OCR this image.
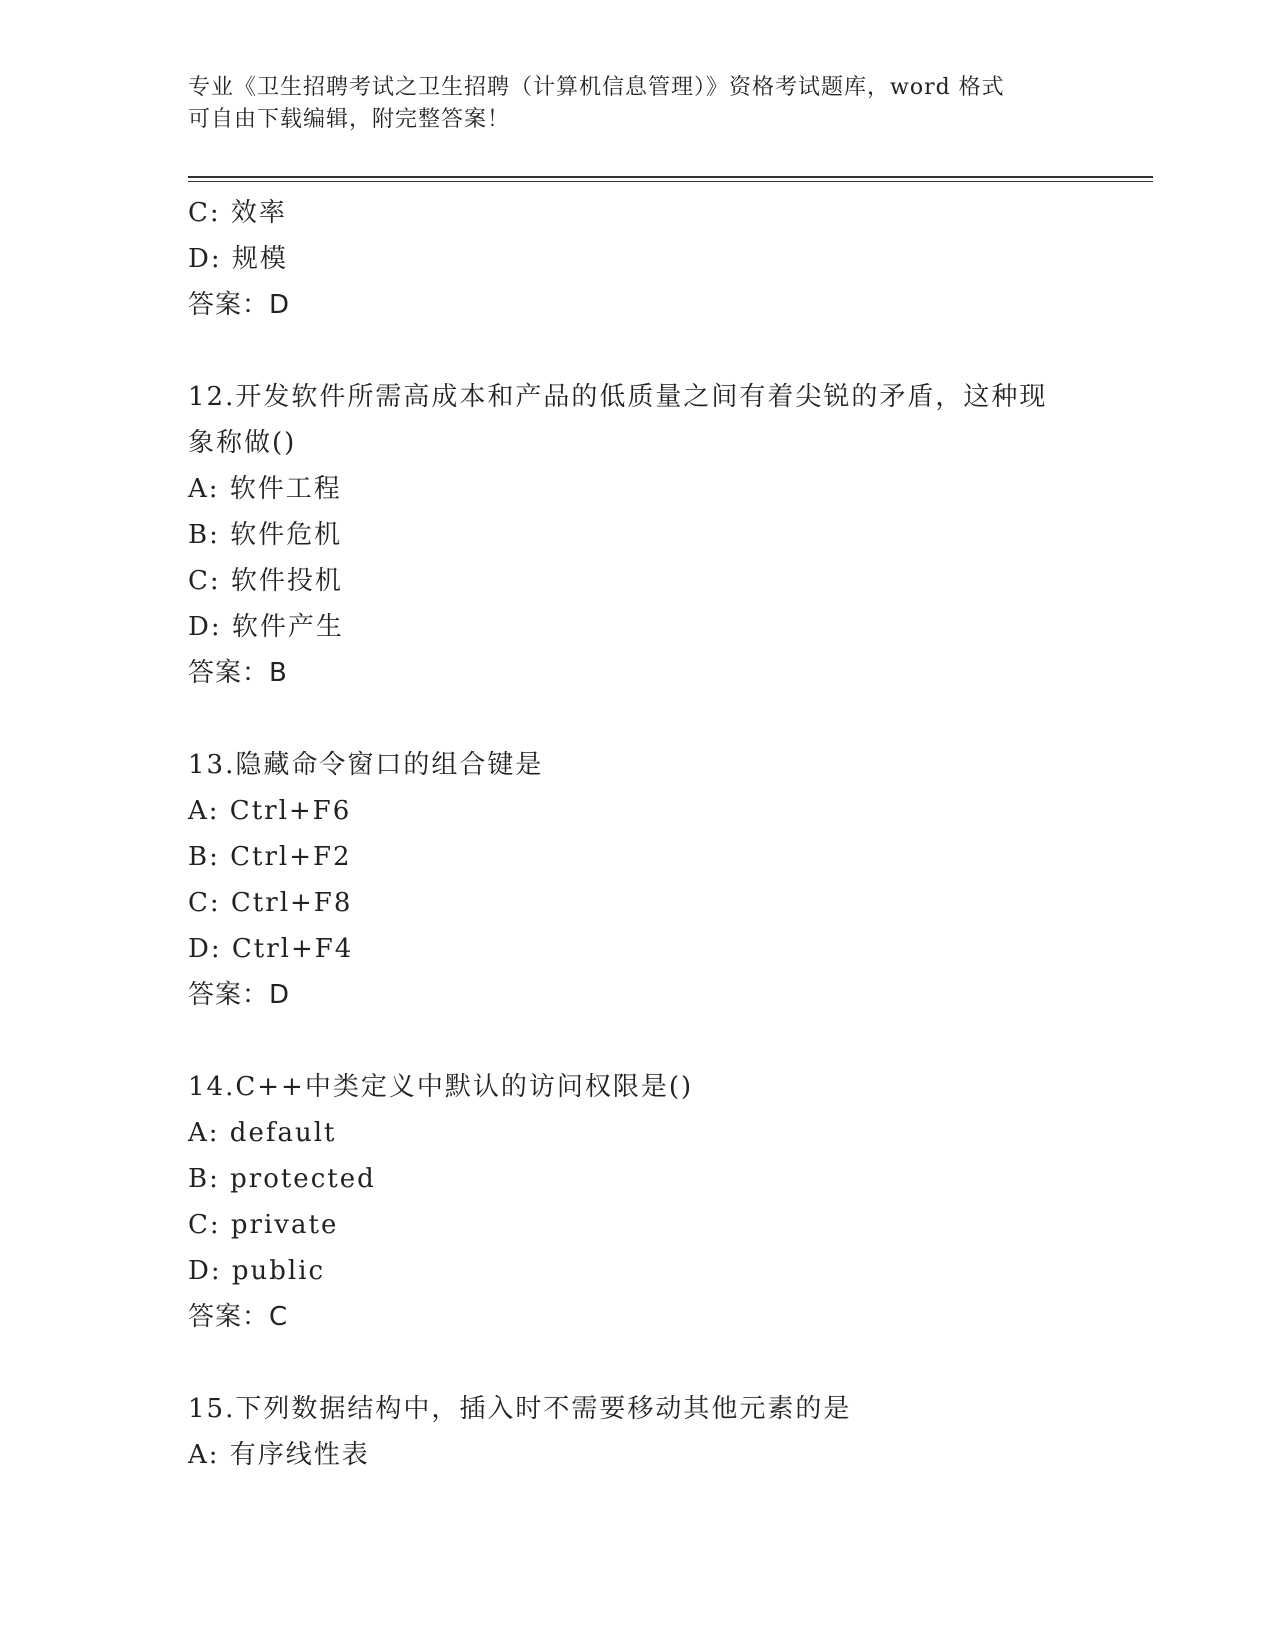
专业《卫生招聘考试之卫生招聘（计算机信息管理）》资格考试题库，word 格式
可自由下载编辑，附完整答案！
C: 效率
D: 规模
答案：D
12.开发软件所需高成本和产品的低质量之间有着尖锐的矛盾，这种现
象称做()
A: 软件工程
B: 软件危机
C: 软件投机
D: 软件产生
答案：B
13.隐藏命令窗口的组合键是
A: Ctrl+F6
B: Ctrl+F2
C: Ctrl+F8
D: Ctrl+F4
答案：D
14.C++中类定义中默认的访问权限是()
A: default
B: protected
C: private
D: public
答案：C
15.下列数据结构中，插入时不需要移动其他元素的是
A: 有序线性表
